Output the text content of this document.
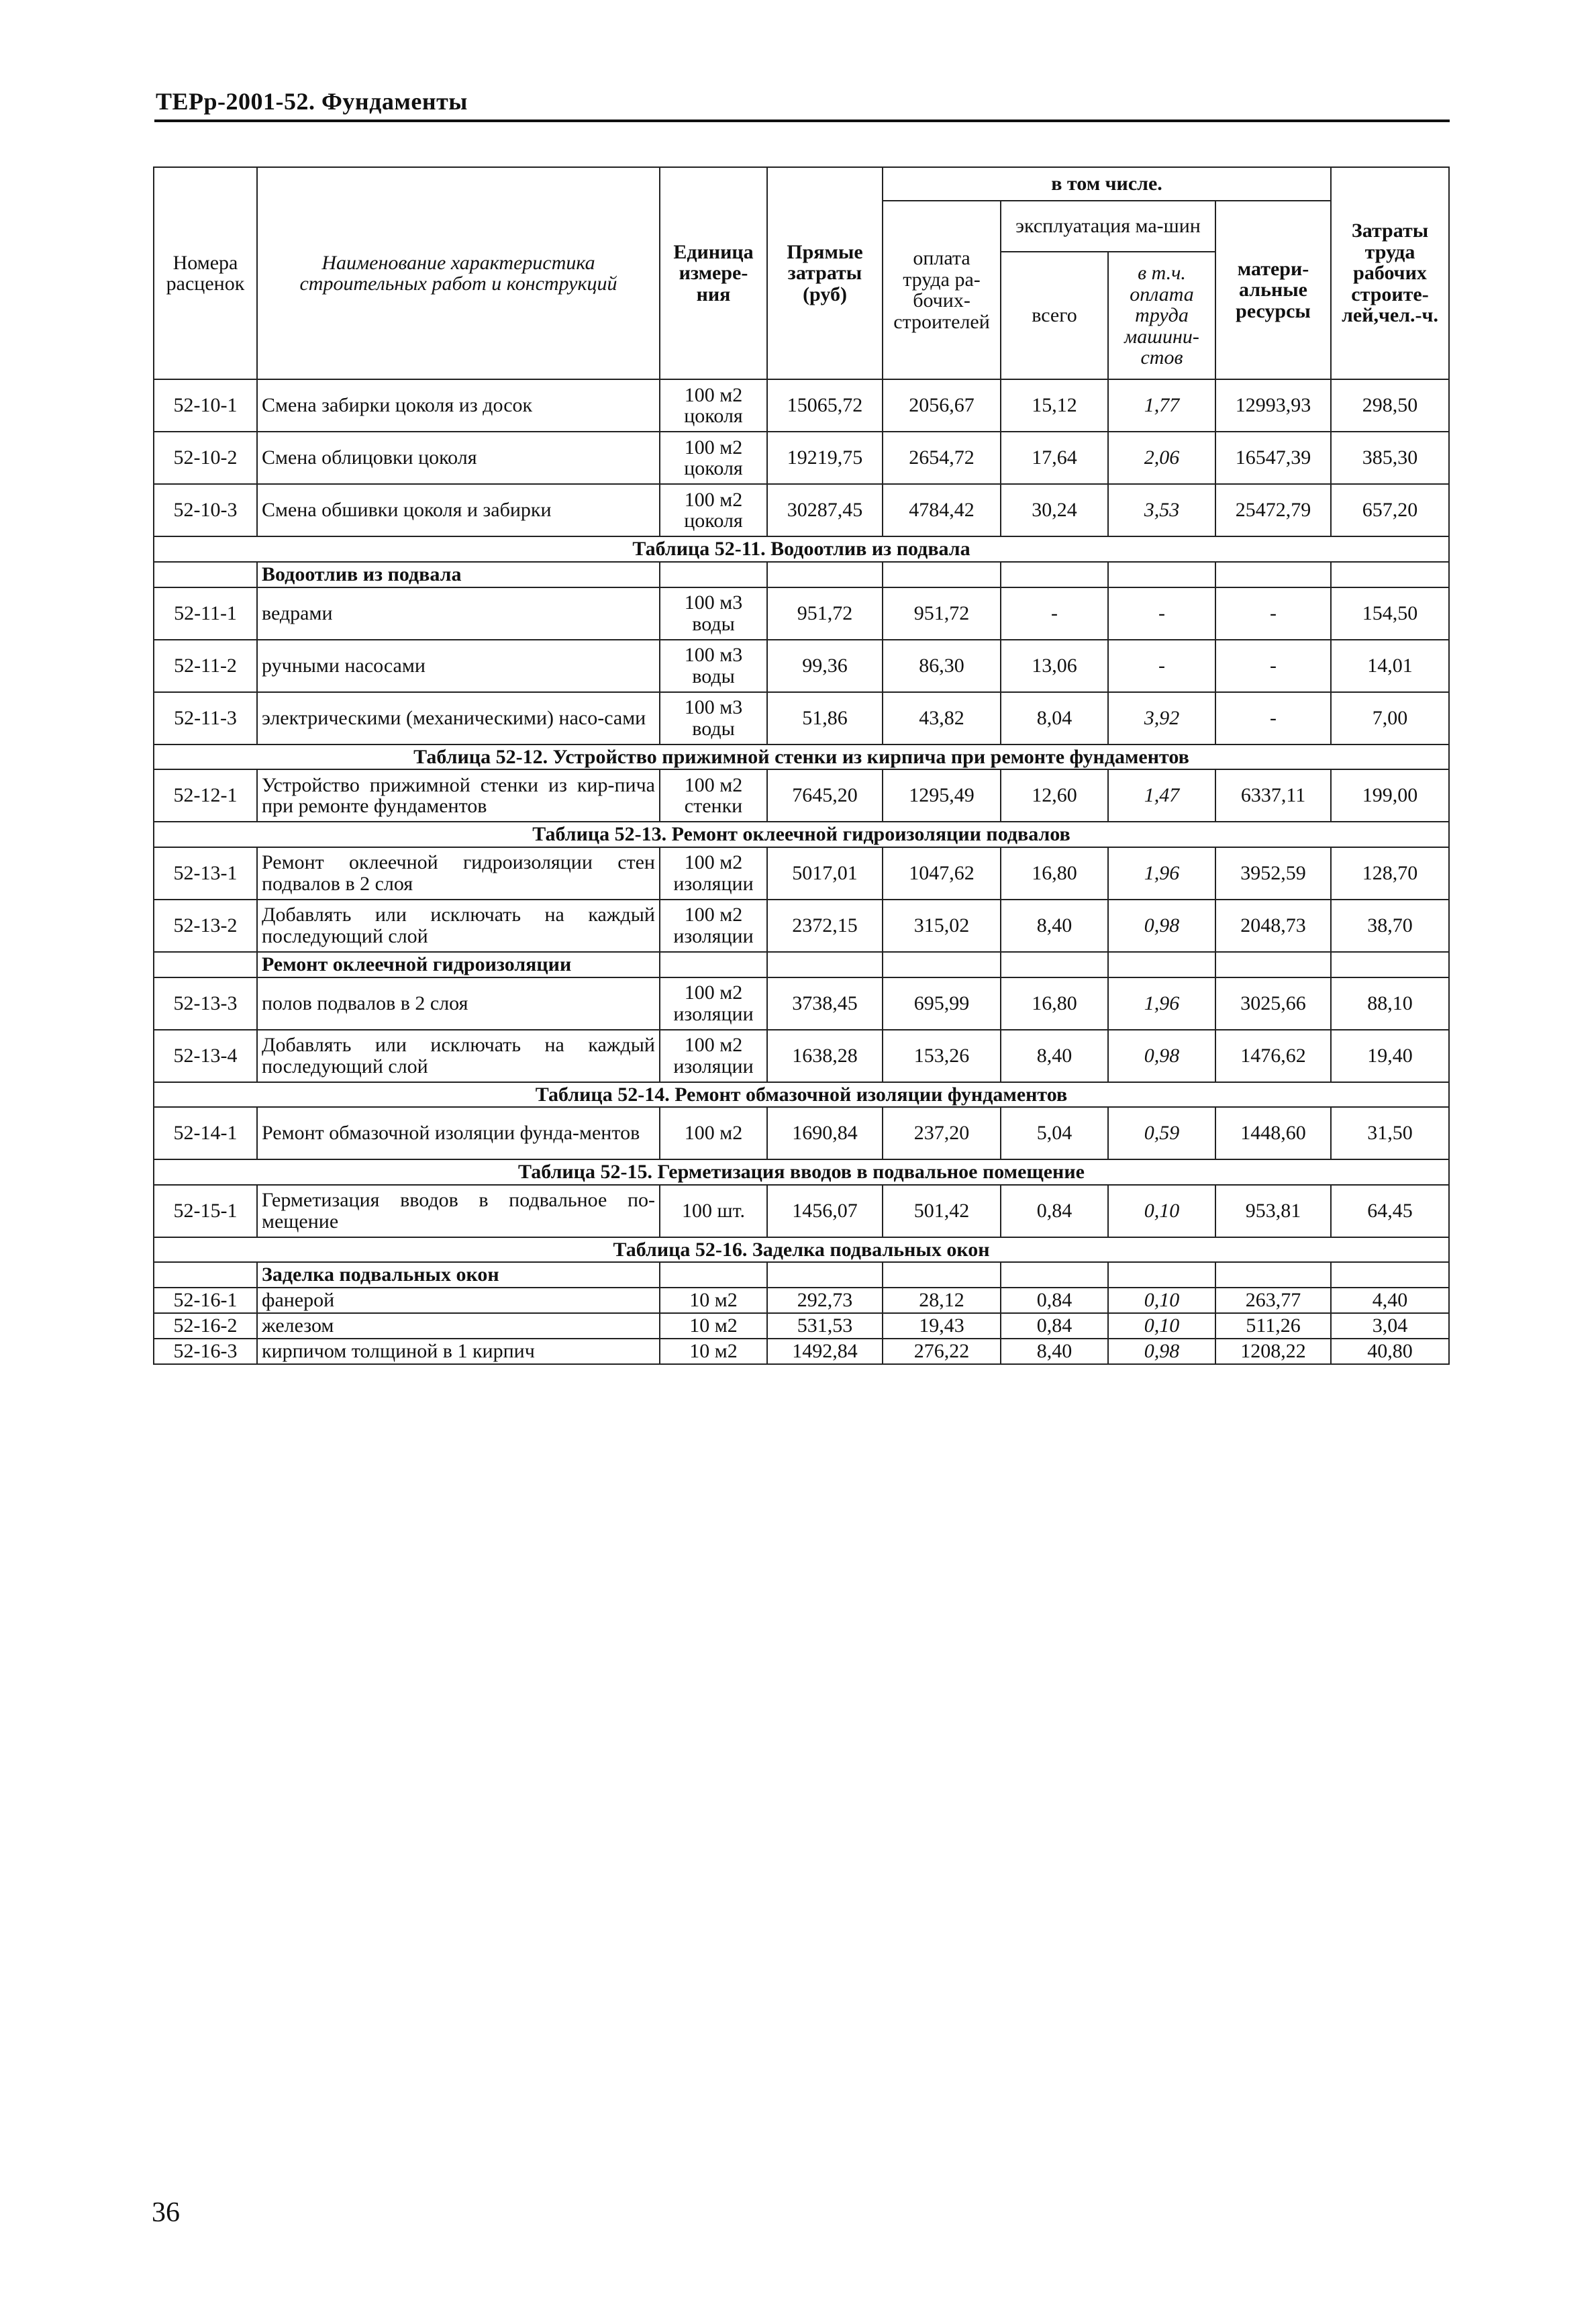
ТЕРр-2001-52. Фундаменты
Номера расценок	Наименование характеристика строительных работ и конструкций	Единица измере-ния	Прямые затраты (руб)	в том числе.				Затраты труда рабочих строите-лей,чел.-ч.
				оплата труда ра-бочих-строителей	эксплуатация ма-шин		матери-альные ресурсы	
					всего	в т.ч. оплата труда машини-стов		
52-10-1	Смена забирки цоколя из досок	100 м2 цоколя	15065,72	2056,67	15,12	1,77	12993,93	298,50
52-10-2	Смена облицовки цоколя	100 м2 цоколя	19219,75	2654,72	17,64	2,06	16547,39	385,30
52-10-3	Смена обшивки цоколя и забирки	100 м2 цоколя	30287,45	4784,42	30,24	3,53	25472,79	657,20
Таблица 52-11. Водоотлив из подвала								
	Водоотлив из подвала							
52-11-1	ведрами	100 м3 воды	951,72	951,72	-	-	-	154,50
52-11-2	ручными насосами	100 м3 воды	99,36	86,30	13,06	-	-	14,01
52-11-3	электрическими (механическими) насо-сами	100 м3 воды	51,86	43,82	8,04	3,92	-	7,00
Таблица 52-12. Устройство прижимной стенки из кирпича при ремонте фундаментов								
52-12-1	Устройство прижимной стенки из кир-пича при ремонте фундаментов	100 м2 стенки	7645,20	1295,49	12,60	1,47	6337,11	199,00
Таблица 52-13. Ремонт оклеечной гидроизоляции подвалов								
52-13-1	Ремонт оклеечной гидроизоляции стен подвалов в 2 слоя	100 м2 изоляции	5017,01	1047,62	16,80	1,96	3952,59	128,70
52-13-2	Добавлять или исключать на каждый последующий слой	100 м2 изоляции	2372,15	315,02	8,40	0,98	2048,73	38,70
	Ремонт оклеечной гидроизоляции							
52-13-3	полов подвалов в 2 слоя	100 м2 изоляции	3738,45	695,99	16,80	1,96	3025,66	88,10
52-13-4	Добавлять или исключать на каждый последующий слой	100 м2 изоляции	1638,28	153,26	8,40	0,98	1476,62	19,40
Таблица 52-14. Ремонт обмазочной изоляции фундаментов								
52-14-1	Ремонт обмазочной изоляции фунда-ментов	100 м2	1690,84	237,20	5,04	0,59	1448,60	31,50
Таблица 52-15. Герметизация вводов в подвальное помещение								
52-15-1	Герметизация вводов в подвальное по-мещение	100 шт.	1456,07	501,42	0,84	0,10	953,81	64,45
Таблица 52-16. Заделка подвальных окон								
	Заделка подвальных окон							
52-16-1	фанерой	10 м2	292,73	28,12	0,84	0,10	263,77	4,40
52-16-2	железом	10 м2	531,53	19,43	0,84	0,10	511,26	3,04
52-16-3	кирпичом толщиной в 1 кирпич	10 м2	1492,84	276,22	8,40	0,98	1208,22	40,80
36
